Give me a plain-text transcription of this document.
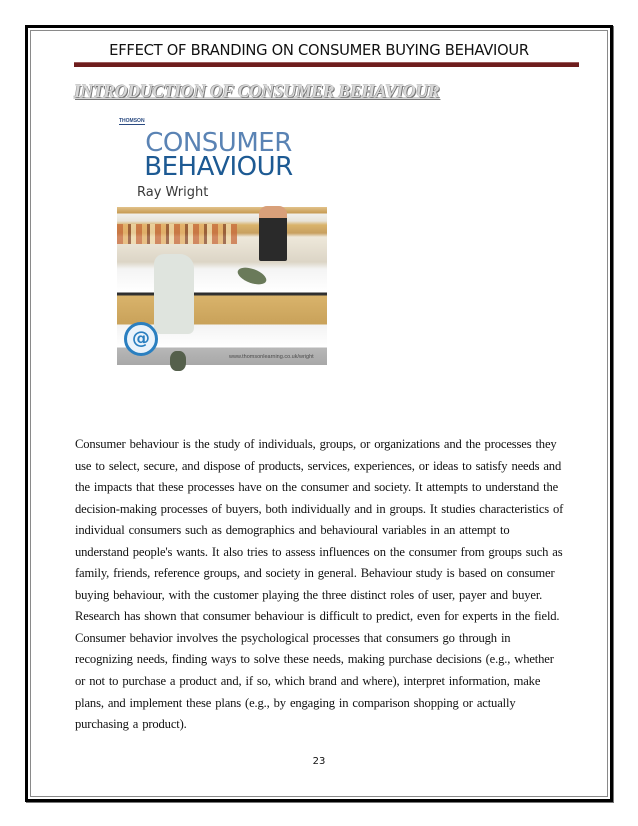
EFFECT OF BRANDING ON CONSUMER BUYING BEHAVIOUR
INTRODUCTION OF CONSUMER BEHAVIOUR
THOMSON
CONSUMER
BEHAVIOUR
Ray Wright
@
www.thomsonlearning.co.uk/wright
Consumer behaviour is the study of individuals, groups, or organizations and the processes they
use to select, secure, and dispose of products, services, experiences, or ideas to satisfy needs and
the impacts that these processes have on the consumer and society. It attempts to understand the
decision-making processes of buyers, both individually and in groups. It studies characteristics of
individual consumers such as demographics and behavioural variables in an attempt to
understand people's wants. It also tries to assess influences on the consumer from groups such as
family, friends, reference groups, and society in general. Behaviour study is based on consumer
buying behaviour, with the customer playing the three distinct roles of user, payer and buyer.
Research has shown that consumer behaviour is difficult to predict, even for experts in the field.
Consumer behavior involves the psychological processes that consumers go through in
recognizing needs, finding ways to solve these needs, making purchase decisions (e.g., whether
or not to purchase a product and, if so, which brand and where), interpret information, make
plans, and implement these plans (e.g., by engaging in comparison shopping or actually
purchasing a product).
23
